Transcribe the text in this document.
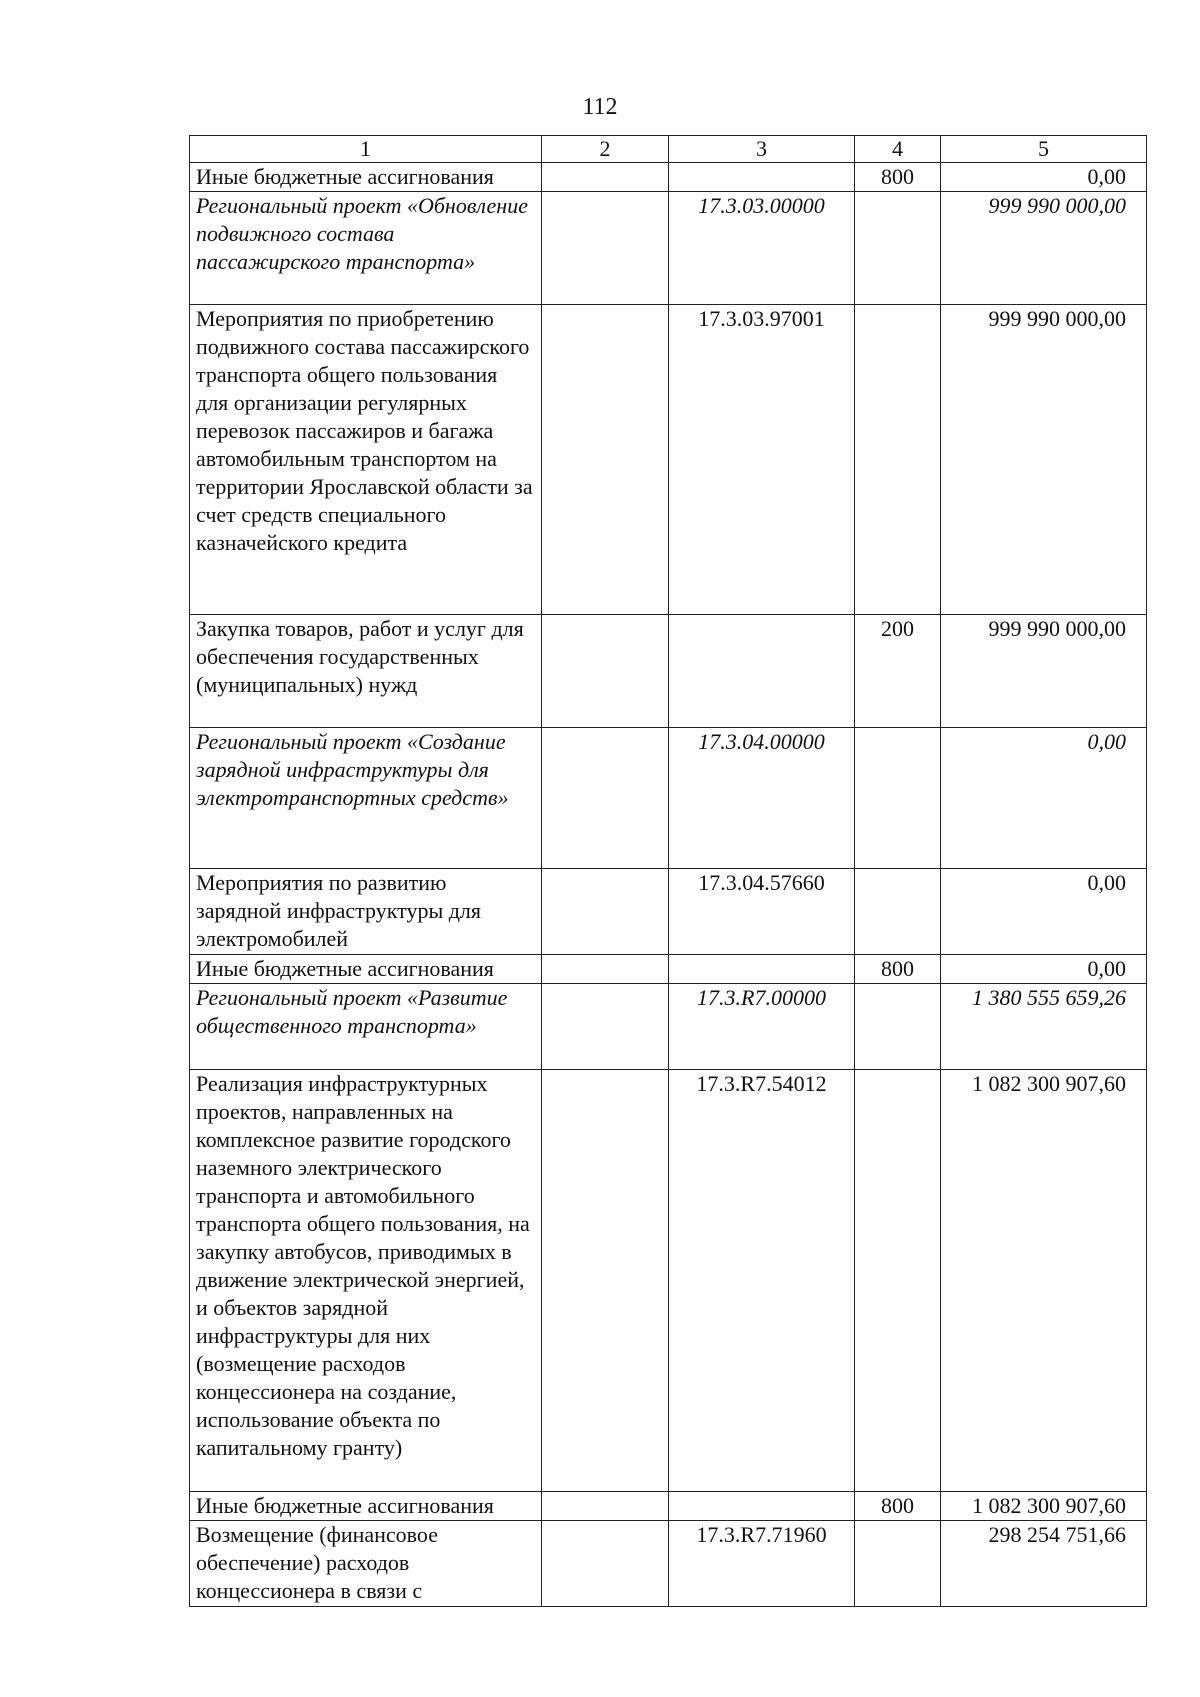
112
1	2	3	4	5
Иные бюджетные ассигнования			800	0,00
Региональный проект «Обновление подвижного состава пассажирского транспорта»		17.3.03.00000		999 990 000,00
Мероприятия по приобретению подвижного состава пассажирского транспорта общего пользования для организации регулярных перевозок пассажиров и багажа автомобильным транспортом на территории Ярославской области за счет средств специального казначейского кредита		17.3.03.97001		999 990 000,00
Закупка товаров, работ и услуг для обеспечения государственных (муниципальных) нужд			200	999 990 000,00
Региональный проект «Создание зарядной инфраструктуры для электротранспортных средств»		17.3.04.00000		0,00
Мероприятия по развитию зарядной инфраструктуры для электромобилей		17.3.04.57660		0,00
Иные бюджетные ассигнования			800	0,00
Региональный проект «Развитие общественного транспорта»		17.3.R7.00000		1 380 555 659,26
Реализация инфраструктурных проектов, направленных на комплексное развитие городского наземного электрического транспорта и автомобильного транспорта общего пользования, на закупку автобусов, приводимых в движение электрической энергией, и объектов зарядной инфраструктуры для них (возмещение расходов концессионера на создание, использование объекта по капитальному гранту)		17.3.R7.54012		1 082 300 907,60
Иные бюджетные ассигнования			800	1 082 300 907,60
Возмещение (финансовое обеспечение) расходов концессионера в связи с		17.3.R7.71960		298 254 751,66
